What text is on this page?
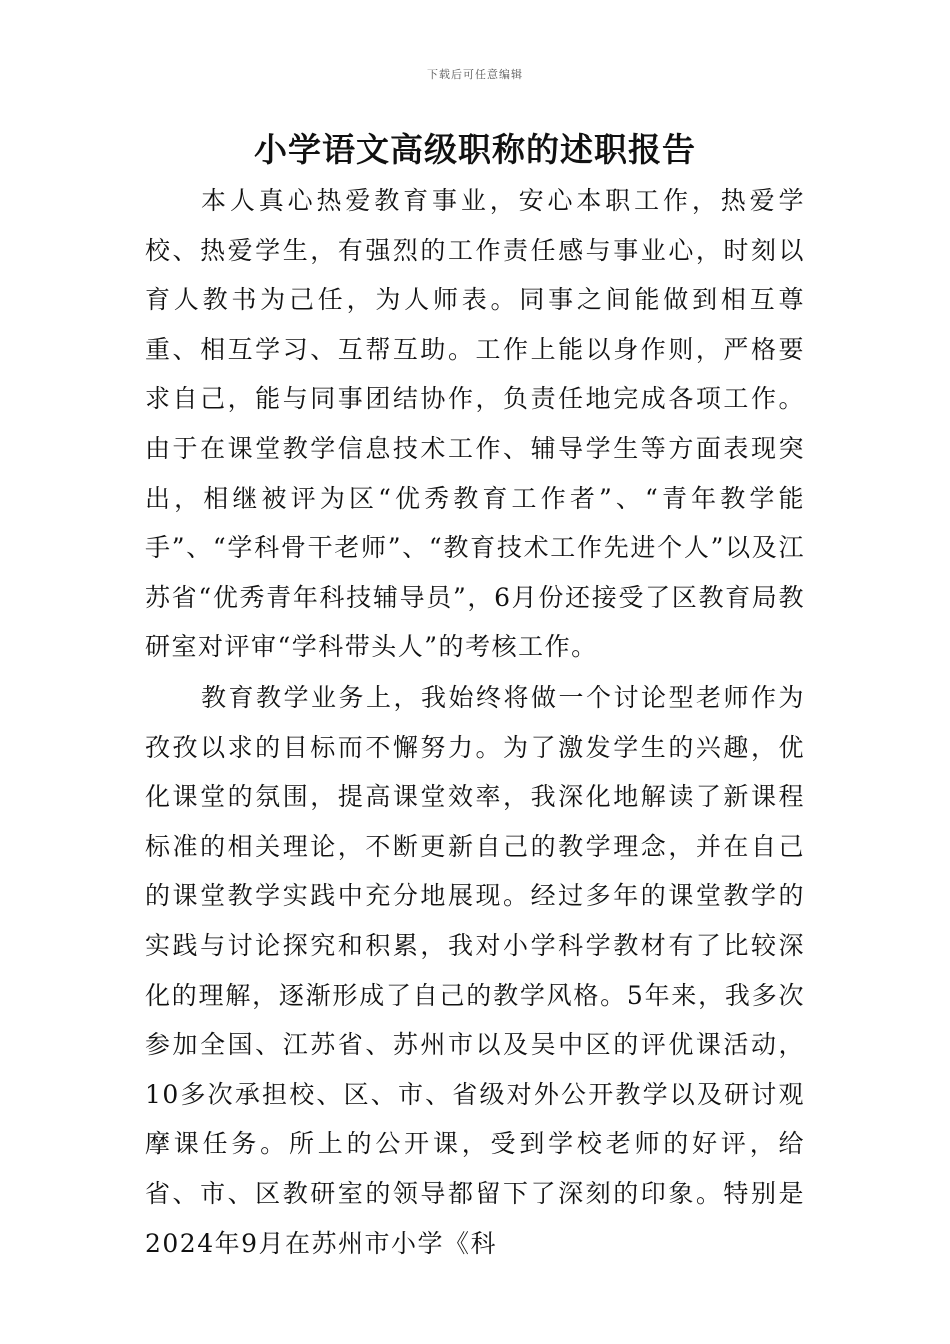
下载后可任意编辑
小学语文高级职称的述职报告

本人真心热爱教育事业，安心本职工作，热爱学校、热爱学生，有强烈的工作责任感与事业心，时刻以育人教书为己任，为人师表。同事之间能做到相互尊重、相互学习、互帮互助。工作上能以身作则，严格要求自己，能与同事团结协作，负责任地完成各项工作。由于在课堂教学信息技术工作、辅导学生等方面表现突出，相继被评为区“优秀教育工作者”、“青年教学能手”、“学科骨干老师”、“教育技术工作先进个人”以及江苏省“优秀青年科技辅导员”，6月份还接受了区教育局教研室对评审“学科带头人”的考核工作。

教育教学业务上，我始终将做一个讨论型老师作为孜孜以求的目标而不懈努力。为了激发学生的兴趣，优化课堂的氛围，提高课堂效率，我深化地解读了新课程标准的相关理论，不断更新自己的教学理念，并在自己的课堂教学实践中充分地展现。经过多年的课堂教学的实践与讨论探究和积累，我对小学科学教材有了比较深化的理解，逐渐形成了自己的教学风格。5年来，我多次参加全国、江苏省、苏州市以及吴中区的评优课活动，10多次承担校、区、市、省级对外公开教学以及研讨观摩课任务。所上的公开课，受到学校老师的好评，给省、市、区教研室的领导都留下了深刻的印象。特别是2024年9月在苏州市小学《科
